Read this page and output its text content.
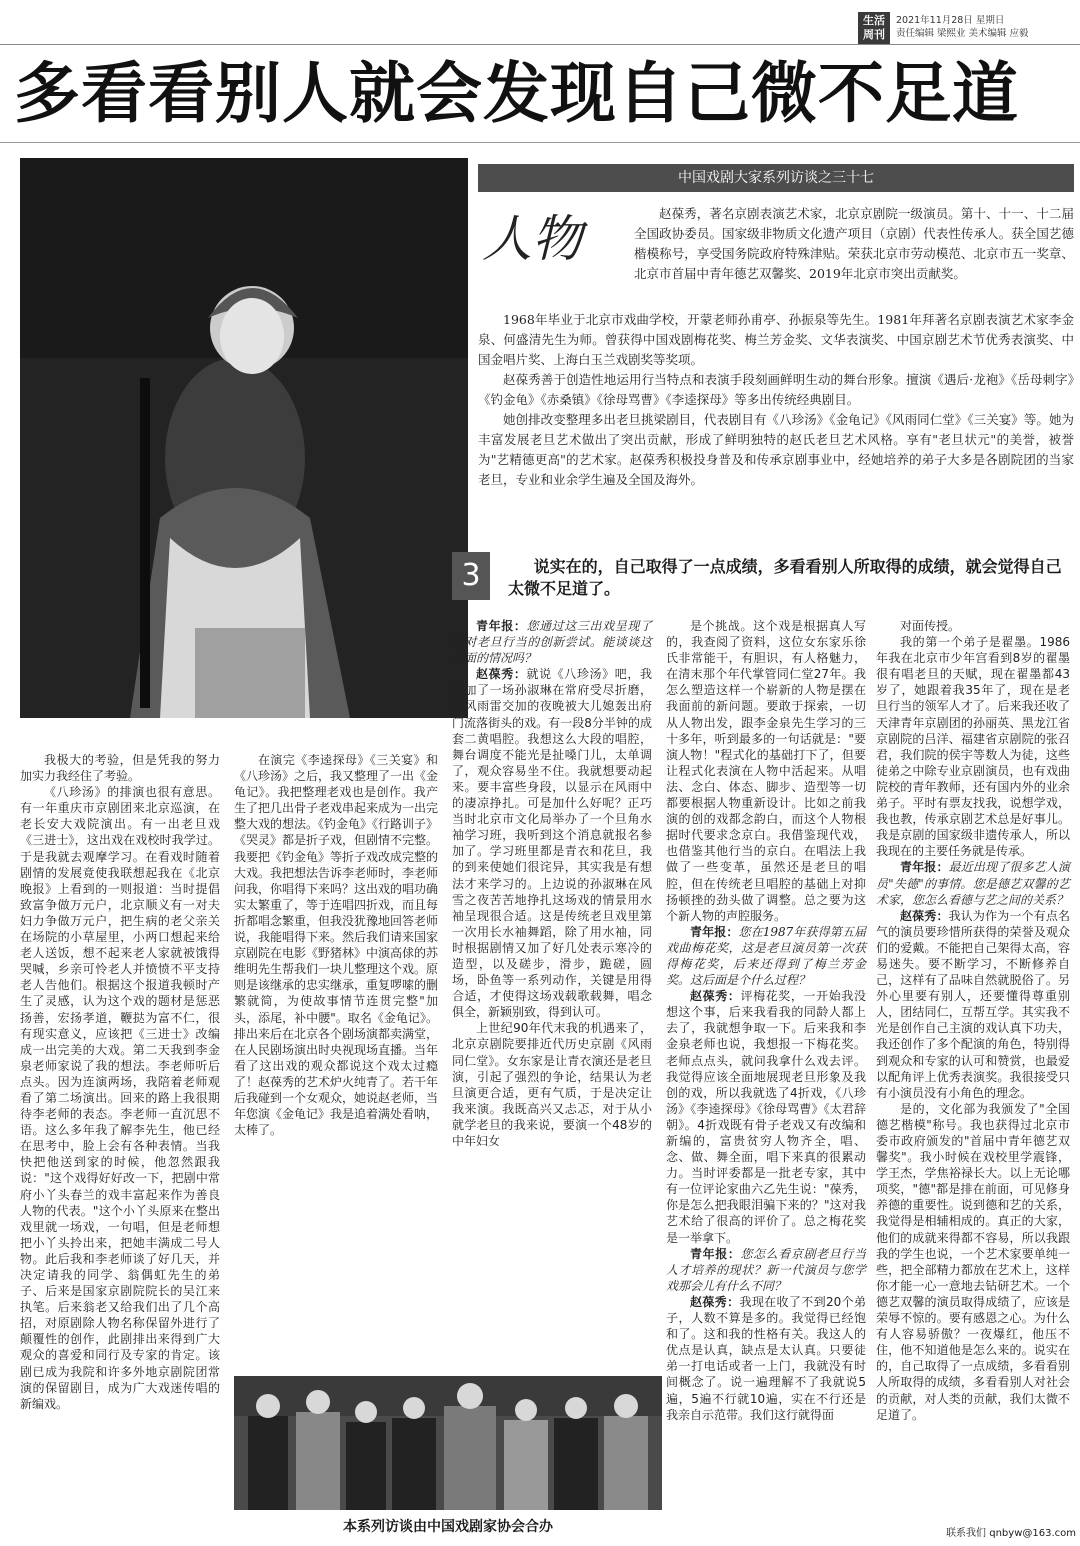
生活周刊
2021年11月28日 星期日
责任编辑 梁熙业 美术编辑 应毅
多看看别人就会发现自己微不足道
中国戏剧大家系列访谈之三十七
人物	赵葆秀，著名京剧表演艺术家，北京京剧院一级演员。第十、十一、十二届全国政协委员。国家级非物质文化遗产项目（京剧）代表性传承人。获全国艺德楷模称号，享受国务院政府特殊津贴。荣获北京市劳动模范、北京市五一奖章、北京市首届中青年德艺双馨奖、2019年北京市突出贡献奖。

1968年毕业于北京市戏曲学校，开蒙老师孙甫亭、孙振泉等先生。1981年拜著名京剧表演艺术家李金泉、何盛清先生为师。曾获得中国戏剧梅花奖、梅兰芳金奖、文华表演奖、中国京剧艺术节优秀表演奖、中国金唱片奖、上海白玉兰戏剧奖等奖项。

赵葆秀善于创造性地运用行当特点和表演手段刻画鲜明生动的舞台形象。擅演《遇后·龙袍》《岳母刺字》《钓金龟》《赤桑镇》《徐母骂曹》《李逵探母》等多出传统经典剧目。

她创排改变整理多出老旦挑梁剧目，代表剧目有《八珍汤》《金龟记》《风雨同仁堂》《三关宴》等。她为丰富发展老旦艺术做出了突出贡献，形成了鲜明独特的赵氏老旦艺术风格。享有"老旦状元"的美誉，被誉为"艺精德更高"的艺术家。赵葆秀积极投身普及和传承京剧事业中，经她培养的弟子大多是各剧院团的当家老旦，专业和业余学生遍及全国及海外。

3	说实在的，自己取得了一点成绩，多看看别人所取得的成绩，就会觉得自己太微不足道了。

我极大的考验，但是凭我的努力加实力我经住了考验。

《八珍汤》的排演也很有意思。有一年重庆市京剧团来北京巡演，在老长安大戏院演出。有一出老旦戏《三进士》，这出戏在戏校时我学过。于是我就去观摩学习。在看戏时随着剧情的发展竟使我联想起我在《北京晚报》上看到的一则报道：当时提倡致富争做万元户，北京顺义有一对夫妇力争做万元户，把生病的老父亲关在场院的小草屋里，小两口想起来给老人送饭，想不起来老人家就被饿得哭喊，乡亲可怜老人并愤愤不平支持老人告他们。根据这个报道我顿时产生了灵感，认为这个戏的题材是惩恶扬善，宏扬孝道，鞭挞为富不仁，很有现实意义，应该把《三进士》改编成一出完美的大戏。第二天我到李金泉老师家说了我的想法。李老师听后点头。因为连演两场，我陪着老师观看了第二场演出。回来的路上我很期待李老师的表态。李老师一直沉思不语。这么多年我了解李先生，他已经在思考中，脸上会有各种表情。当我快把他送到家的时候，他忽然跟我说："这个戏得好好改一下，把剧中常府小丫头春兰的戏丰富起来作为善良人物的代表。"这个小丫头原来在整出戏里就一场戏，一句唱，但是老师想把小丫头拎出来，把她丰满成二号人物。此后我和李老师谈了好几天，并决定请我的同学、翁偶虹先生的弟子、后来是国家京剧院院长的吴江来执笔。后来翁老又给我们出了几个高招，对原剧除人物名称保留外进行了颠覆性的创作，此剧排出来得到广大观众的喜爱和同行及专家的肯定。该剧已成为我院和许多外地京剧院团常演的保留剧目，成为广大戏迷传唱的新编戏。

在演完《李逵探母》《三关宴》和《八珍汤》之后，我又整理了一出《金龟记》。我把整理老戏也是创作。我产生了把几出骨子老戏串起来成为一出完整大戏的想法。《钓金龟》《行路训子》《哭灵》都是折子戏，但剧情不完整。我要把《钓金龟》等折子戏改成完整的大戏。我把想法告诉李老师时，李老师问我，你唱得下来吗？这出戏的唱功确实太繁重了，等于连唱四折戏，而且每折都唱念繁重，但我没犹豫地回答老师说，我能唱得下来。然后我们请来国家京剧院在电影《野猪林》中演高俅的苏维明先生帮我们一块儿整理这个戏。原则是该继承的忠实继承，重复啰嗦的删繁就简，为使故事情节连贯完整"加头，添尾，补中腰"。取名《金龟记》。排出来后在北京各个剧场演都卖满堂，在人民剧场演出时央视现场直播。当年看了这出戏的观众都说这个戏太过瘾了！赵葆秀的艺术炉火纯青了。若干年后我碰到一个女观众，她说赵老师，当年您演《金龟记》我是追着满处看呐，太棒了。

青年报：您通过这三出戏呈现了您对老旦行当的创新尝试。能谈谈这方面的情况吗？

赵葆秀：就说《八珍汤》吧，我们加了一场孙淑琳在常府受尽折磨，在风雨雷交加的夜晚被大儿媳轰出府门流落街头的戏。有一段8分半钟的成套二黄唱腔。我想这么大段的唱腔，舞台调度不能光是扯嗓门儿，太单调了，观众容易坐不住。我就想要动起来。要丰富些身段，以显示在风雨中的凄凉挣扎。可是加什么好呢？正巧当时北京市文化局举办了一个旦角水袖学习班，我听到这个消息就报名参加了。学习班里都是青衣和花旦，我的到来使她们很诧异，其实我是有想法才来学习的。上边说的孙淑琳在风雪之夜苦苦地挣扎这场戏的情景用水袖呈现很合适。这是传统老旦戏里第一次用长水袖舞蹈，除了用水袖，同时根据剧情又加了好几处表示寒冷的造型，以及磋步，滑步，跪磋，圆场，卧鱼等一系列动作，关键是用得合适，才使得这场戏载歌载舞，唱念俱全，新颖别致，得到认可。

上世纪90年代末我的机遇来了，北京京剧院要排近代历史京剧《风雨同仁堂》。女东家是让青衣演还是老旦演，引起了强烈的争论，结果认为老旦演更合适，更有气质，于是决定让我来演。我既高兴又忐忑，对于从小就学老旦的我来说，要演一个48岁的中年妇女

是个挑战。这个戏是根据真人写的，我查阅了资料，这位女东家乐徐氏非常能干，有胆识，有人格魅力，在清末那个年代掌管同仁堂27年。我怎么塑造这样一个崭新的人物是摆在我面前的新问题。要敢于探索，一切从人物出发，跟李金泉先生学习的三十多年，听到最多的一句话就是："要演人物！"程式化的基础打下了，但要让程式化表演在人物中活起来。从唱法、念白、体态、脚步、造型等一切都要根据人物重新设计。比如之前我演的创的戏都念韵白，而这个人物根据时代要求念京白。我借鉴现代戏，也借鉴其他行当的京白。在唱法上我做了一些变革，虽然还是老旦的唱腔，但在传统老旦唱腔的基础上对抑扬顿挫的劲头做了调整。总之要为这个新人物的声腔服务。

青年报：您在1987年获得第五届戏曲梅花奖，这是老旦演员第一次获得梅花奖，后来还得到了梅兰芳金奖。这后面是个什么过程？

赵葆秀：评梅花奖，一开始我没想这个事，后来我看我的同龄人都上去了，我就想争取一下。后来我和李金泉老师也说，我想报一下梅花奖。老师点点头，就问我拿什么戏去评。我觉得应该全面地展现老旦形象及我创的戏，所以我就选了4折戏，《八珍汤》《李逵探母》《徐母骂曹》《太君辞朝》。4折戏既有骨子老戏又有改编和新编的，富贵贫穷人物齐全，唱、念、做、舞全面，唱下来真的很累动力。当时评委都是一批老专家，其中有一位评论家曲六乙先生说："葆秀，你是怎么把我眼泪骗下来的？"这对我艺术给了很高的评价了。总之梅花奖是一举拿下。

青年报：您怎么看京剧老旦行当人才培养的现状？新一代演员与您学戏那会儿有什么不同？

赵葆秀：我现在收了不到20个弟子，人数不算是多的。我觉得已经饱和了。这和我的性格有关。我这人的优点是认真，缺点是太认真。只要徒弟一打电话或者一上门，我就没有时间概念了。说一遍理解不了我就说5遍，5遍不行就10遍，实在不行还是我亲自示范带。我们这行就得面

对面传授。

我的第一个弟子是翟墨。1986年我在北京市少年宫看到8岁的翟墨很有唱老旦的天赋，现在翟墨都43岁了，她跟着我35年了，现在是老旦行当的领军人才了。后来我还收了天津青年京剧团的孙丽英、黑龙江省京剧院的吕洋、福建省京剧院的张召君，我们院的侯宇等数人为徒，这些徒弟之中除专业京剧演员，也有戏曲院校的青年教师，还有国内外的业余弟子。平时有票友找我，说想学戏，我也教，传承京剧艺术总是好事儿。我是京剧的国家级非遗传承人，所以我现在的主要任务就是传承。

青年报：最近出现了很多艺人演员"失德"的事情。您是德艺双馨的艺术家，您怎么看德与艺之间的关系？

赵葆秀：我认为作为一个有点名气的演员要珍惜所获得的荣誉及观众们的爱戴。不能把自己架得太高，容易迷失。要不断学习，不断修养自己，这样有了品味自然就脱俗了。另外心里要有别人，还要懂得尊重别人，团结同仁，互帮互学。其实我不光是创作自己主演的戏认真下功夫，我还创作了多个配演的角色，特别得到观众和专家的认可和赞赏，也最爱以配角评上优秀表演奖。我很接受只有小演员没有小角色的理念。

是的，文化部为我颁发了"全国德艺楷模"称号。我也获得过北京市委市政府颁发的"首届中青年德艺双馨奖"。我小时候在戏校里学震锋，学王杰，学焦裕禄长大。以上无论哪项奖，"德"都是排在前面，可见修身养德的重要性。说到德和艺的关系，我觉得是相辅相成的。真正的大家，他们的成就来得都不容易，所以我跟我的学生也说，一个艺术家要单纯一些，把全部精力都放在艺术上，这样你才能一心一意地去钻研艺术。一个德艺双馨的演员取得成绩了，应该是荣辱不惊的。要有感恩之心。为什么有人容易骄傲？一夜爆红，他压不住，他不知道他是怎么来的。说实在的，自己取得了一点成绩，多看看别人所取得的成绩，多看看别人对社会的贡献，对人类的贡献，我们太微不足道了。

本系列访谈由中国戏剧家协会合办	联系我们 qnbyw@163.com
